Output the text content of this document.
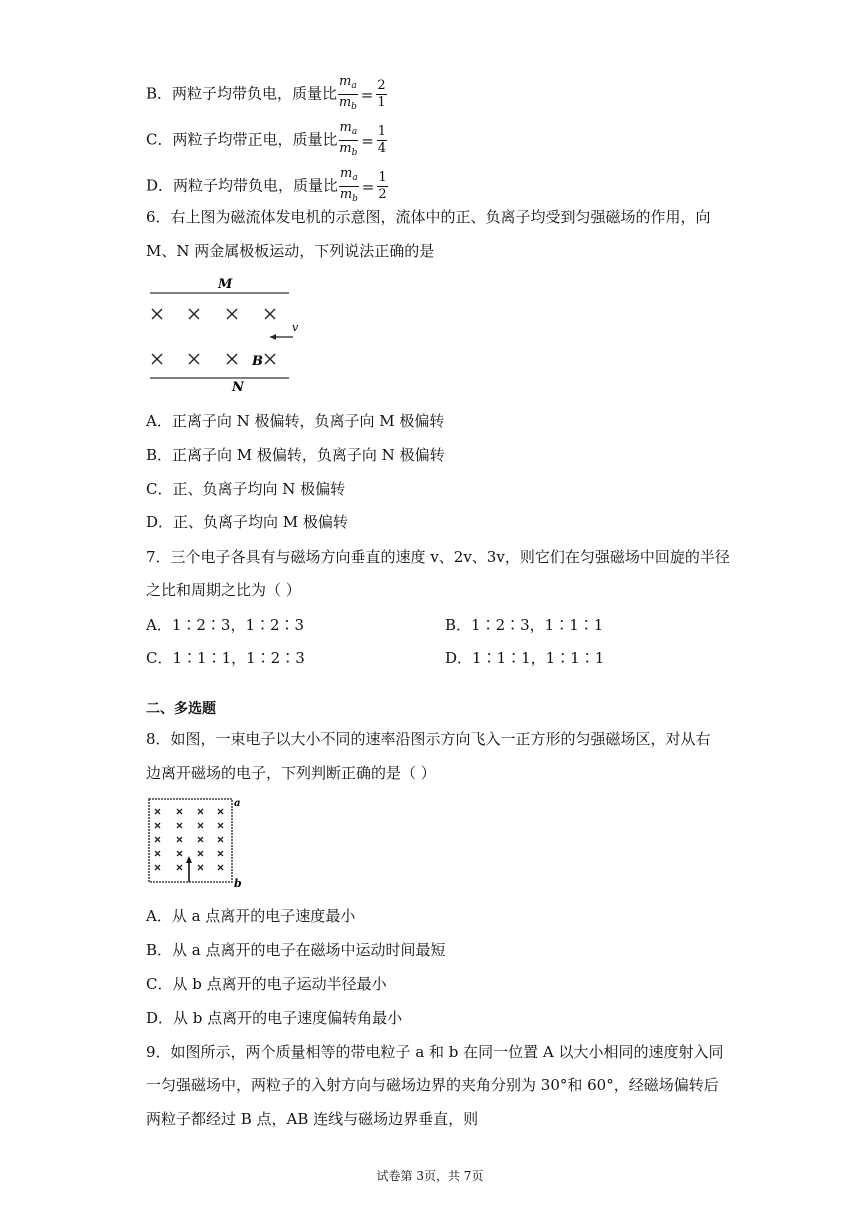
B．两粒子均带负电，质量比 $\frac{m_a}{m_b} = \frac{2}{1}$
C．两粒子均带正电，质量比 $\frac{m_a}{m_b} = \frac{1}{4}$
D．两粒子均带负电，质量比 $\frac{m_a}{m_b} = \frac{1}{2}$
6．右上图为磁流体发电机的示意图，流体中的正、负离子均受到匀强磁场的作用，向
M、N 两金属极板运动，下列说法正确的是
M
B
v
N
A．正离子向 N 极偏转，负离子向 M 极偏转
B．正离子向 M 极偏转，负离子向 N 极偏转
C．正、负离子均向 N 极偏转
D．正、负离子均向 M 极偏转
7．三个电子各具有与磁场方向垂直的速度 v、2v、3v，则它们在匀强磁场中回旋的半径
之比和周期之比为（ ）
A．1∶2∶3，1∶2∶3	B．1∶2∶3，1∶1∶1
C．1∶1∶1，1∶2∶3	D．1∶1∶1，1∶1∶1
二、多选题
8．如图，一束电子以大小不同的速率沿图示方向飞入一正方形的匀强磁场区，对从右
边离开磁场的电子，下列判断正确的是（ ）
a
b
A．从 a 点离开的电子速度最小
B．从 a 点离开的电子在磁场中运动时间最短
C．从 b 点离开的电子运动半径最小
D．从 b 点离开的电子速度偏转角最小
9．如图所示，两个质量相等的带电粒子 a 和 b 在同一位置 A 以大小相同的速度射入同
一匀强磁场中，两粒子的入射方向与磁场边界的夹角分别为 30°和 60°，经磁场偏转后
两粒子都经过 B 点，AB 连线与磁场边界垂直，则
试卷第 3页，共 7页
